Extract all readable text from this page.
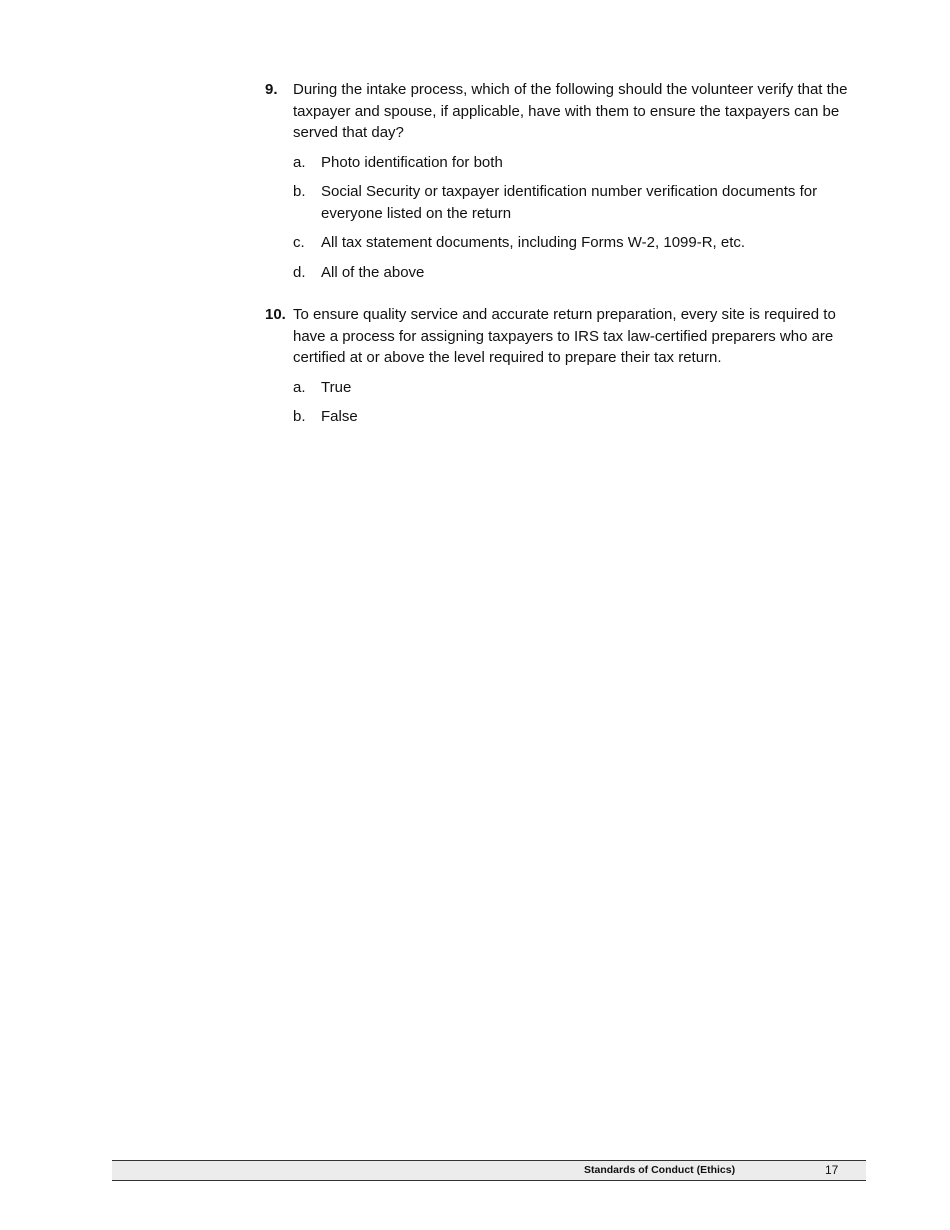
9.	During the intake process, which of the following should the volunteer verify that the taxpayer and spouse, if applicable, have with them to ensure the taxpayers can be served that day?
a.	Photo identification for both
b.	Social Security or taxpayer identification number verification documents for everyone listed on the return
c.	All tax statement documents, including Forms W-2, 1099-R, etc.
d.	All of the above
10. To ensure quality service and accurate return preparation, every site is required to have a process for assigning taxpayers to IRS tax law-certified preparers who are certified at or above the level required to prepare their tax return.
a.	True
b.	False
Standards of Conduct (Ethics)	17
